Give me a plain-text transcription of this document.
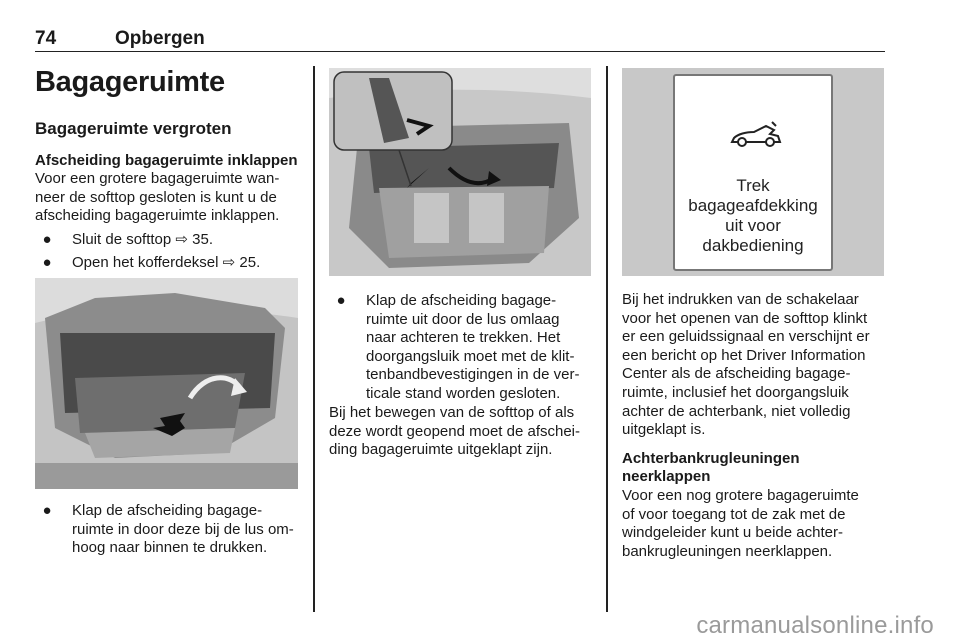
74	Opbergen
Bagageruimte
Bagageruimte vergroten
Afscheiding bagageruimte inklappen
Voor een grotere bagageruimte wan-
neer de softtop gesloten is kunt u de
afscheiding bagageruimte inklappen.
● Sluit de softtop ⇨ 35.
● Open het kofferdeksel ⇨ 25.
● Klap de afscheiding bagage-
ruimte in door deze bij de lus om-
hoog naar binnen te drukken.
● Klap de afscheiding bagage-
ruimte uit door de lus omlaag
naar achteren te trekken. Het
doorgangsluik moet met de klit-
tenbandbevestigingen in de ver-
ticale stand worden gesloten.
Bij het bewegen van de softtop of als
deze wordt geopend moet de afschei-
ding bagageruimte uitgeklapt zijn.
Trek
bagageafdekking
uit voor
dakbediening
Bij het indrukken van de schakelaar
voor het openen van de softtop klinkt
er een geluidssignaal en verschijnt er
een bericht op het Driver Information
Center als de afscheiding bagage-
ruimte, inclusief het doorgangsluik
achter de achterbank, niet volledig
uitgeklapt is.
Achterbankrugleuningen
neerklappen
Voor een nog grotere bagageruimte
of voor toegang tot de zak met de
windgeleider kunt u beide achter-
bankrugleuningen neerklappen.
carmanualsonline.info
